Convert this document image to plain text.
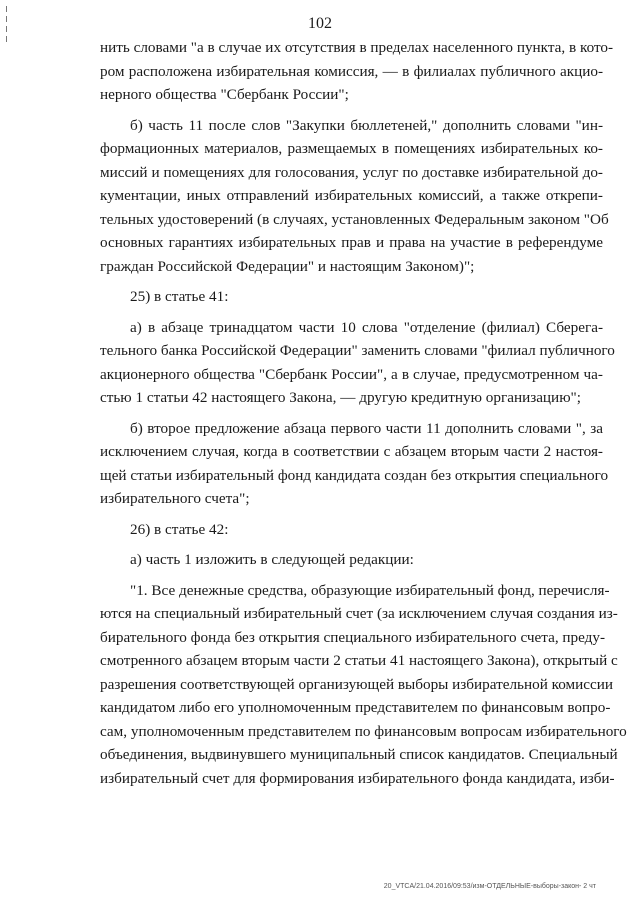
102
нить словами "а в случае их отсутствия в пределах населенного пункта, в кото-
ром расположена избирательная комиссия, — в филиалах публичного акцио-
нерного общества "Сбербанк России";
б) часть 11 после слов "Закупки бюллетеней," дополнить словами "ин-
формационных материалов, размещаемых в помещениях избирательных ко-
миссий и помещениях для голосования, услуг по доставке избирательной до-
кументации, иных отправлений избирательных комиссий, а также открепи-
тельных удостоверений (в случаях, установленных Федеральным законом "Об
основных гарантиях избирательных прав и права на участие в референдуме
граждан Российской Федерации" и настоящим Законом)";
25) в статье 41:
а) в абзаце тринадцатом части 10 слова "отделение (филиал) Сберега-
тельного банка Российской Федерации" заменить словами "филиал публичного
акционерного общества "Сбербанк России", а в случае, предусмотренном ча-
стью 1 статьи 42 настоящего Закона, — другую кредитную организацию";
б) второе предложение абзаца первого части 11 дополнить словами ", за
исключением случая, когда в соответствии с абзацем вторым части 2 настоя-
щей статьи избирательный фонд кандидата создан без открытия специального
избирательного счета";
26) в статье 42:
а) часть 1 изложить в следующей редакции:
"1. Все денежные средства, образующие избирательный фонд, перечисля-
ются на специальный избирательный счет (за исключением случая создания из-
бирательного фонда без открытия специального избирательного счета, преду-
смотренного абзацем вторым части 2 статьи 41 настоящего Закона), открытый с
разрешения соответствующей организующей выборы избирательной комиссии
кандидатом либо его уполномоченным представителем по финансовым вопро-
сам, уполномоченным представителем по финансовым вопросам избирательного
объединения, выдвинувшего муниципальный список кандидатов. Специальный
избирательный счет для формирования избирательного фонда кандидата, изби-
20_VTCA/21.04.2016/09:53/изм-ОТДЕЛЬНЫЕ-выборы-закон- 2 чт
